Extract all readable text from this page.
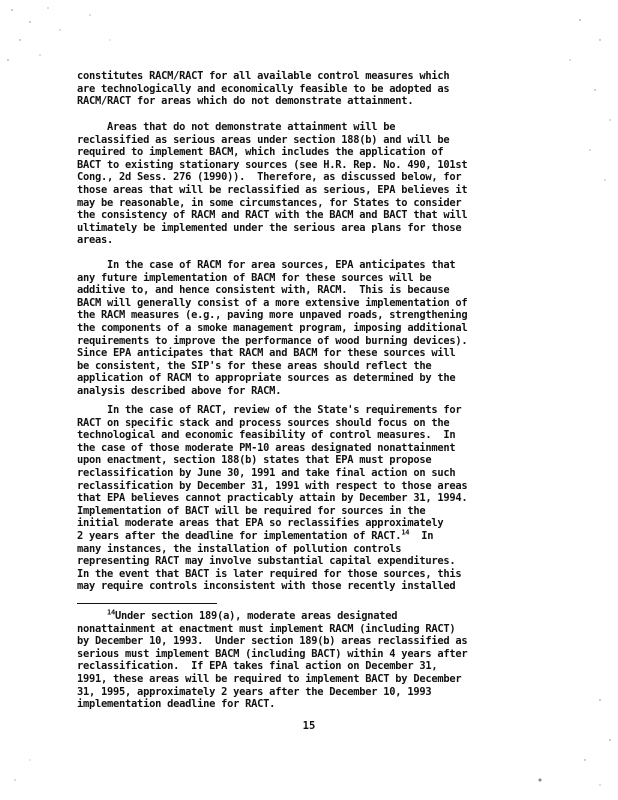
constitutes RACM/RACT for all available control measures which
are technologically and economically feasible to be adopted as
RACM/RACT for areas which do not demonstrate attainment.
Areas that do not demonstrate attainment will be
reclassified as serious areas under section 188(b) and will be
required to implement BACM, which includes the application of
BACT to existing stationary sources (see H.R. Rep. No. 490, 101st
Cong., 2d Sess. 276 (1990)).  Therefore, as discussed below, for
those areas that will be reclassified as serious, EPA believes it
may be reasonable, in some circumstances, for States to consider
the consistency of RACM and RACT with the BACM and BACT that will
ultimately be implemented under the serious area plans for those
areas.
In the case of RACM for area sources, EPA anticipates that
any future implementation of BACM for these sources will be
additive to, and hence consistent with, RACM.  This is because
BACM will generally consist of a more extensive implementation of
the RACM measures (e.g., paving more unpaved roads, strengthening
the components of a smoke management program, imposing additional
requirements to improve the performance of wood burning devices).
Since EPA anticipates that RACM and BACM for these sources will
be consistent, the SIP's for these areas should reflect the
application of RACM to appropriate sources as determined by the
analysis described above for RACM.
In the case of RACT, review of the State's requirements for
RACT on specific stack and process sources should focus on the
technological and economic feasibility of control measures.  In
the case of those moderate PM-10 areas designated nonattainment
upon enactment, section 188(b) states that EPA must propose
reclassification by June 30, 1991 and take final action on such
reclassification by December 31, 1991 with respect to those areas
that EPA believes cannot practicably attain by December 31, 1994.
Implementation of BACT will be required for sources in the
initial moderate areas that EPA so reclassifies approximately
2 years after the deadline for implementation of RACT.$^{14}$  In
many instances, the installation of pollution controls
representing RACT may involve substantial capital expenditures.
In the event that BACT is later required for those sources, this
may require controls inconsistent with those recently installed
$^{14}$Under section 189(a), moderate areas designated
nonattainment at enactment must implement RACM (including RACT)
by December 10, 1993.  Under section 189(b) areas reclassified as
serious must implement BACM (including BACT) within 4 years after
reclassification.  If EPA takes final action on December 31,
1991, these areas will be required to implement BACT by December
31, 1995, approximately 2 years after the December 10, 1993
implementation deadline for RACT.
15
